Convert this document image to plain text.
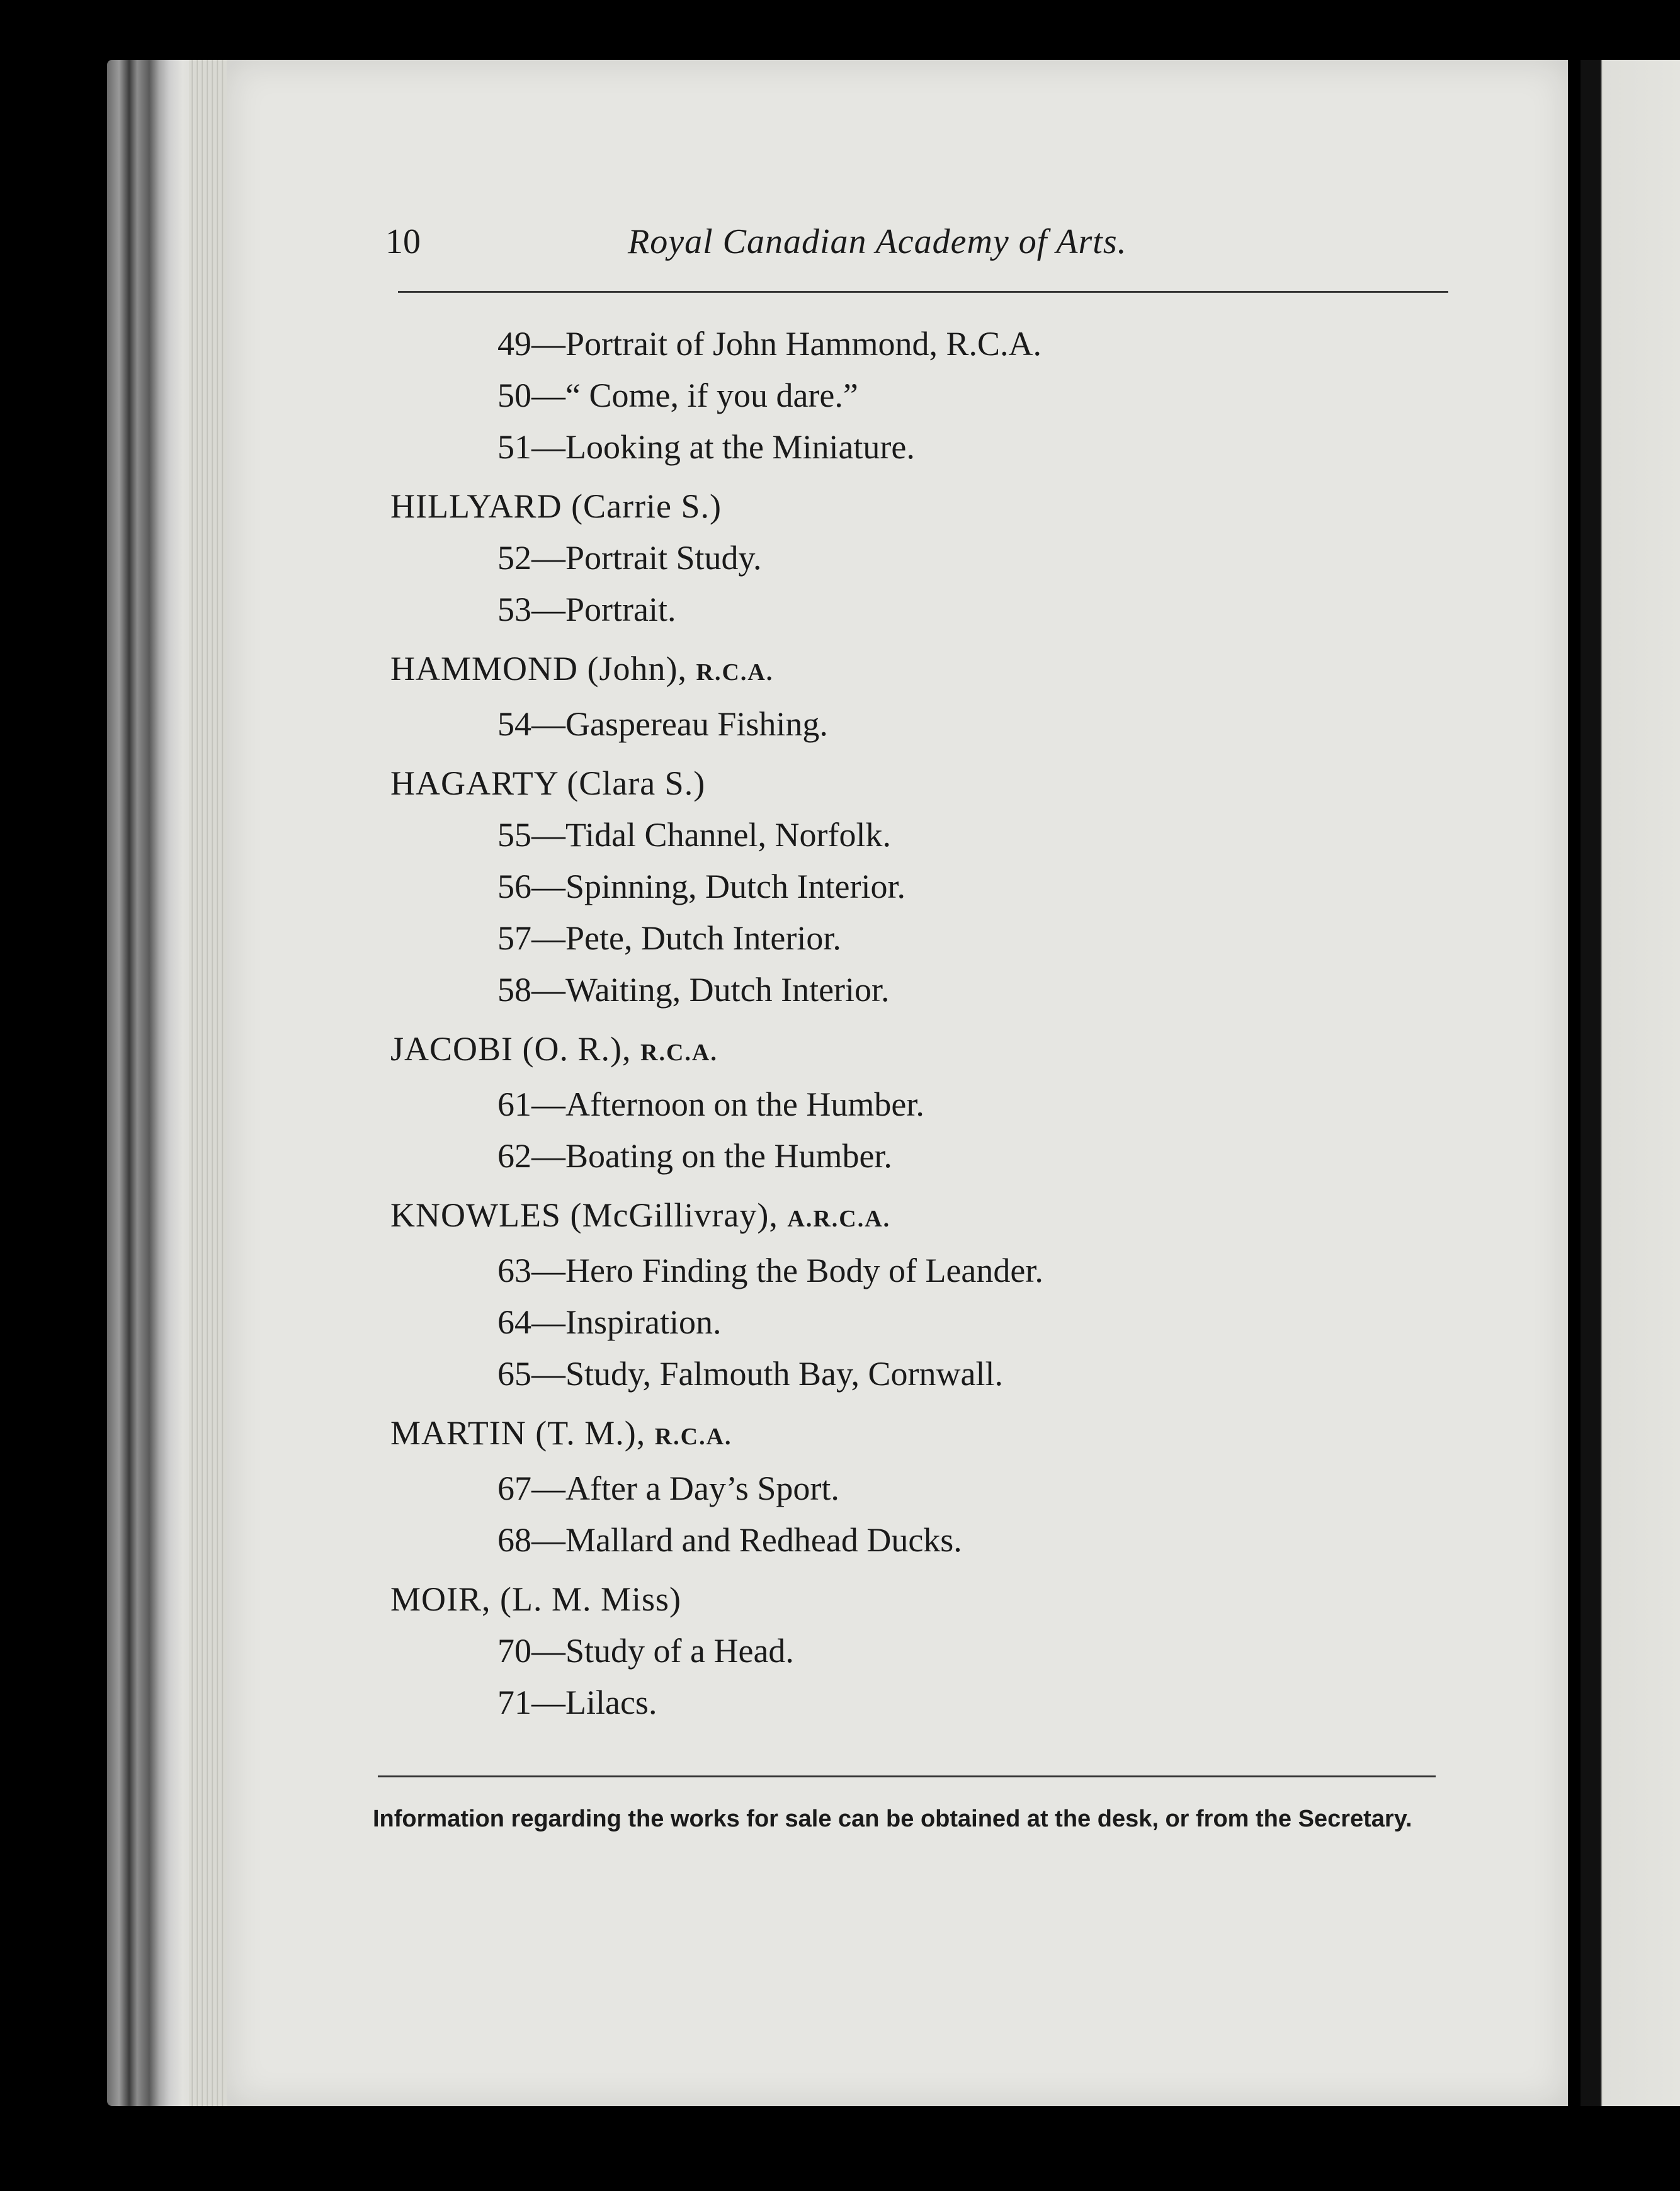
10	Royal Canadian Academy of Arts.
49—Portrait of John Hammond, R.C.A.
50—“ Come, if you dare.”
51—Looking at the Miniature.
HILLYARD (Carrie S.)
52—Portrait Study.
53—Portrait.
HAMMOND (John), R.C.A.
54—Gaspereau Fishing.
HAGARTY (Clara S.)
55—Tidal Channel, Norfolk.
56—Spinning, Dutch Interior.
57—Pete, Dutch Interior.
58—Waiting, Dutch Interior.
JACOBI (O. R.), R.C.A.
61—Afternoon on the Humber.
62—Boating on the Humber.
KNOWLES (McGillivray), A.R.C.A.
63—Hero Finding the Body of Leander.
64—Inspiration.
65—Study, Falmouth Bay, Cornwall.
MARTIN (T. M.), R.C.A.
67—After a Day’s Sport.
68—Mallard and Redhead Ducks.
MOIR, (L. M. Miss)
70—Study of a Head.
71—Lilacs.
Information regarding the works for sale can be obtained at the desk, or from the Secretary.
